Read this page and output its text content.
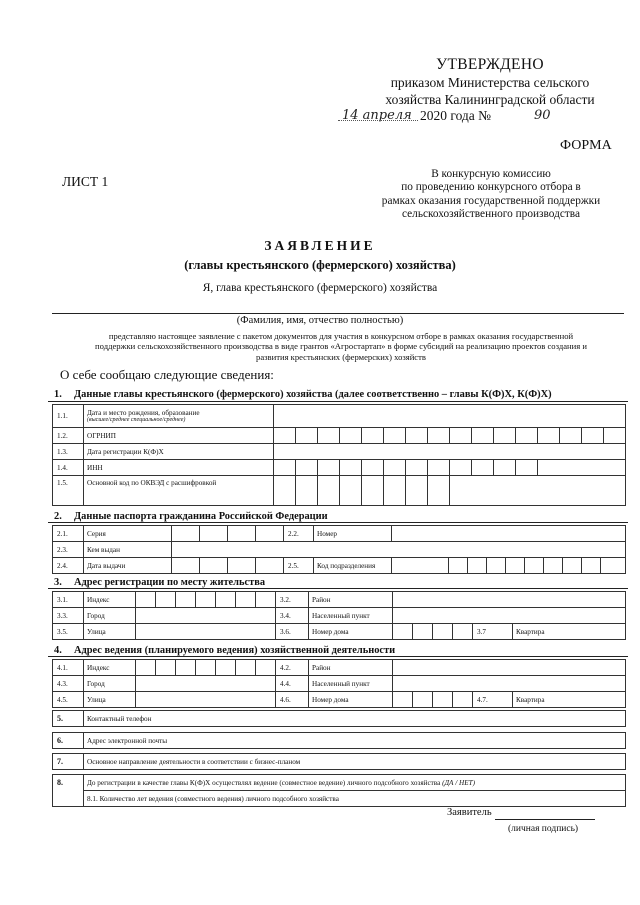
УТВЕРЖДЕНО
приказом Министерства сельского
хозяйства Калининградской области
14 апреля 2020 года №	90
ФОРМА
ЛИСТ 1	В конкурсную комиссию
по проведению конкурсного отбора в
рамках оказания государственной поддержки
сельскохозяйственного производства
ЗАЯВЛЕНИЕ
(главы крестьянского (фермерского) хозяйства)
Я, глава крестьянского (фермерского) хозяйства
(Фамилия, имя, отчество полностью)
представляю настоящее заявление с пакетом документов для участия в конкурсном отборе в рамках оказания государственной
поддержки сельскохозяйственного производства в виде грантов «Агростартап» в форме субсидий на реализацию проектов создания и
развития крестьянских (фермерских) хозяйств
О себе сообщаю следующие сведения:
1. Данные главы крестьянского (фермерского) хозяйства (далее соответственно – главы К(Ф)Х, К(Ф)Х)
1.1.	Дата и место рождения, образование
(высшее/среднее специальное/среднее)																

1.2.	ОГРНИП																
1.3.	Дата регистрации К(Ф)Х																
1.4.	ИНН																
1.5.	Основной код по ОКВЭД с расшифровкой																
2. Данные паспорта гражданина Российской Федерации
2.1.	Серия					2.2.	Номер										
2.3.	Кем выдан																
2.4.	Дата выдачи					2.5.	Код подразделения										
3. Адрес регистрации по месту жительства
3.1.	Индекс								3.2.	Район						
3.3.	Город								3.4.	Населенный пункт						
3.5.	Улица								3.6.	Номер дома					3.7	Квартира
4. Адрес ведения (планируемого ведения) хозяйственной деятельности
4.1.	Индекс								4.2.	Район						
4.3.	Город								4.4.	Населенный пункт						
4.5.	Улица								4.6.	Номер дома					4.7.	Квартира
5.	Контактный телефон
6.	Адрес электронной почты
7.	Основное направление деятельности в соответствии с бизнес-планом
8.	До регистрации в качестве главы К(Ф)Х осуществлял ведение (совместное ведение) личного подсобного хозяйства (ДА / НЕТ)
8.1. Количество лет ведения (совместного ведения) личного подсобного хозяйства
Заявитель
(личная подпись)
